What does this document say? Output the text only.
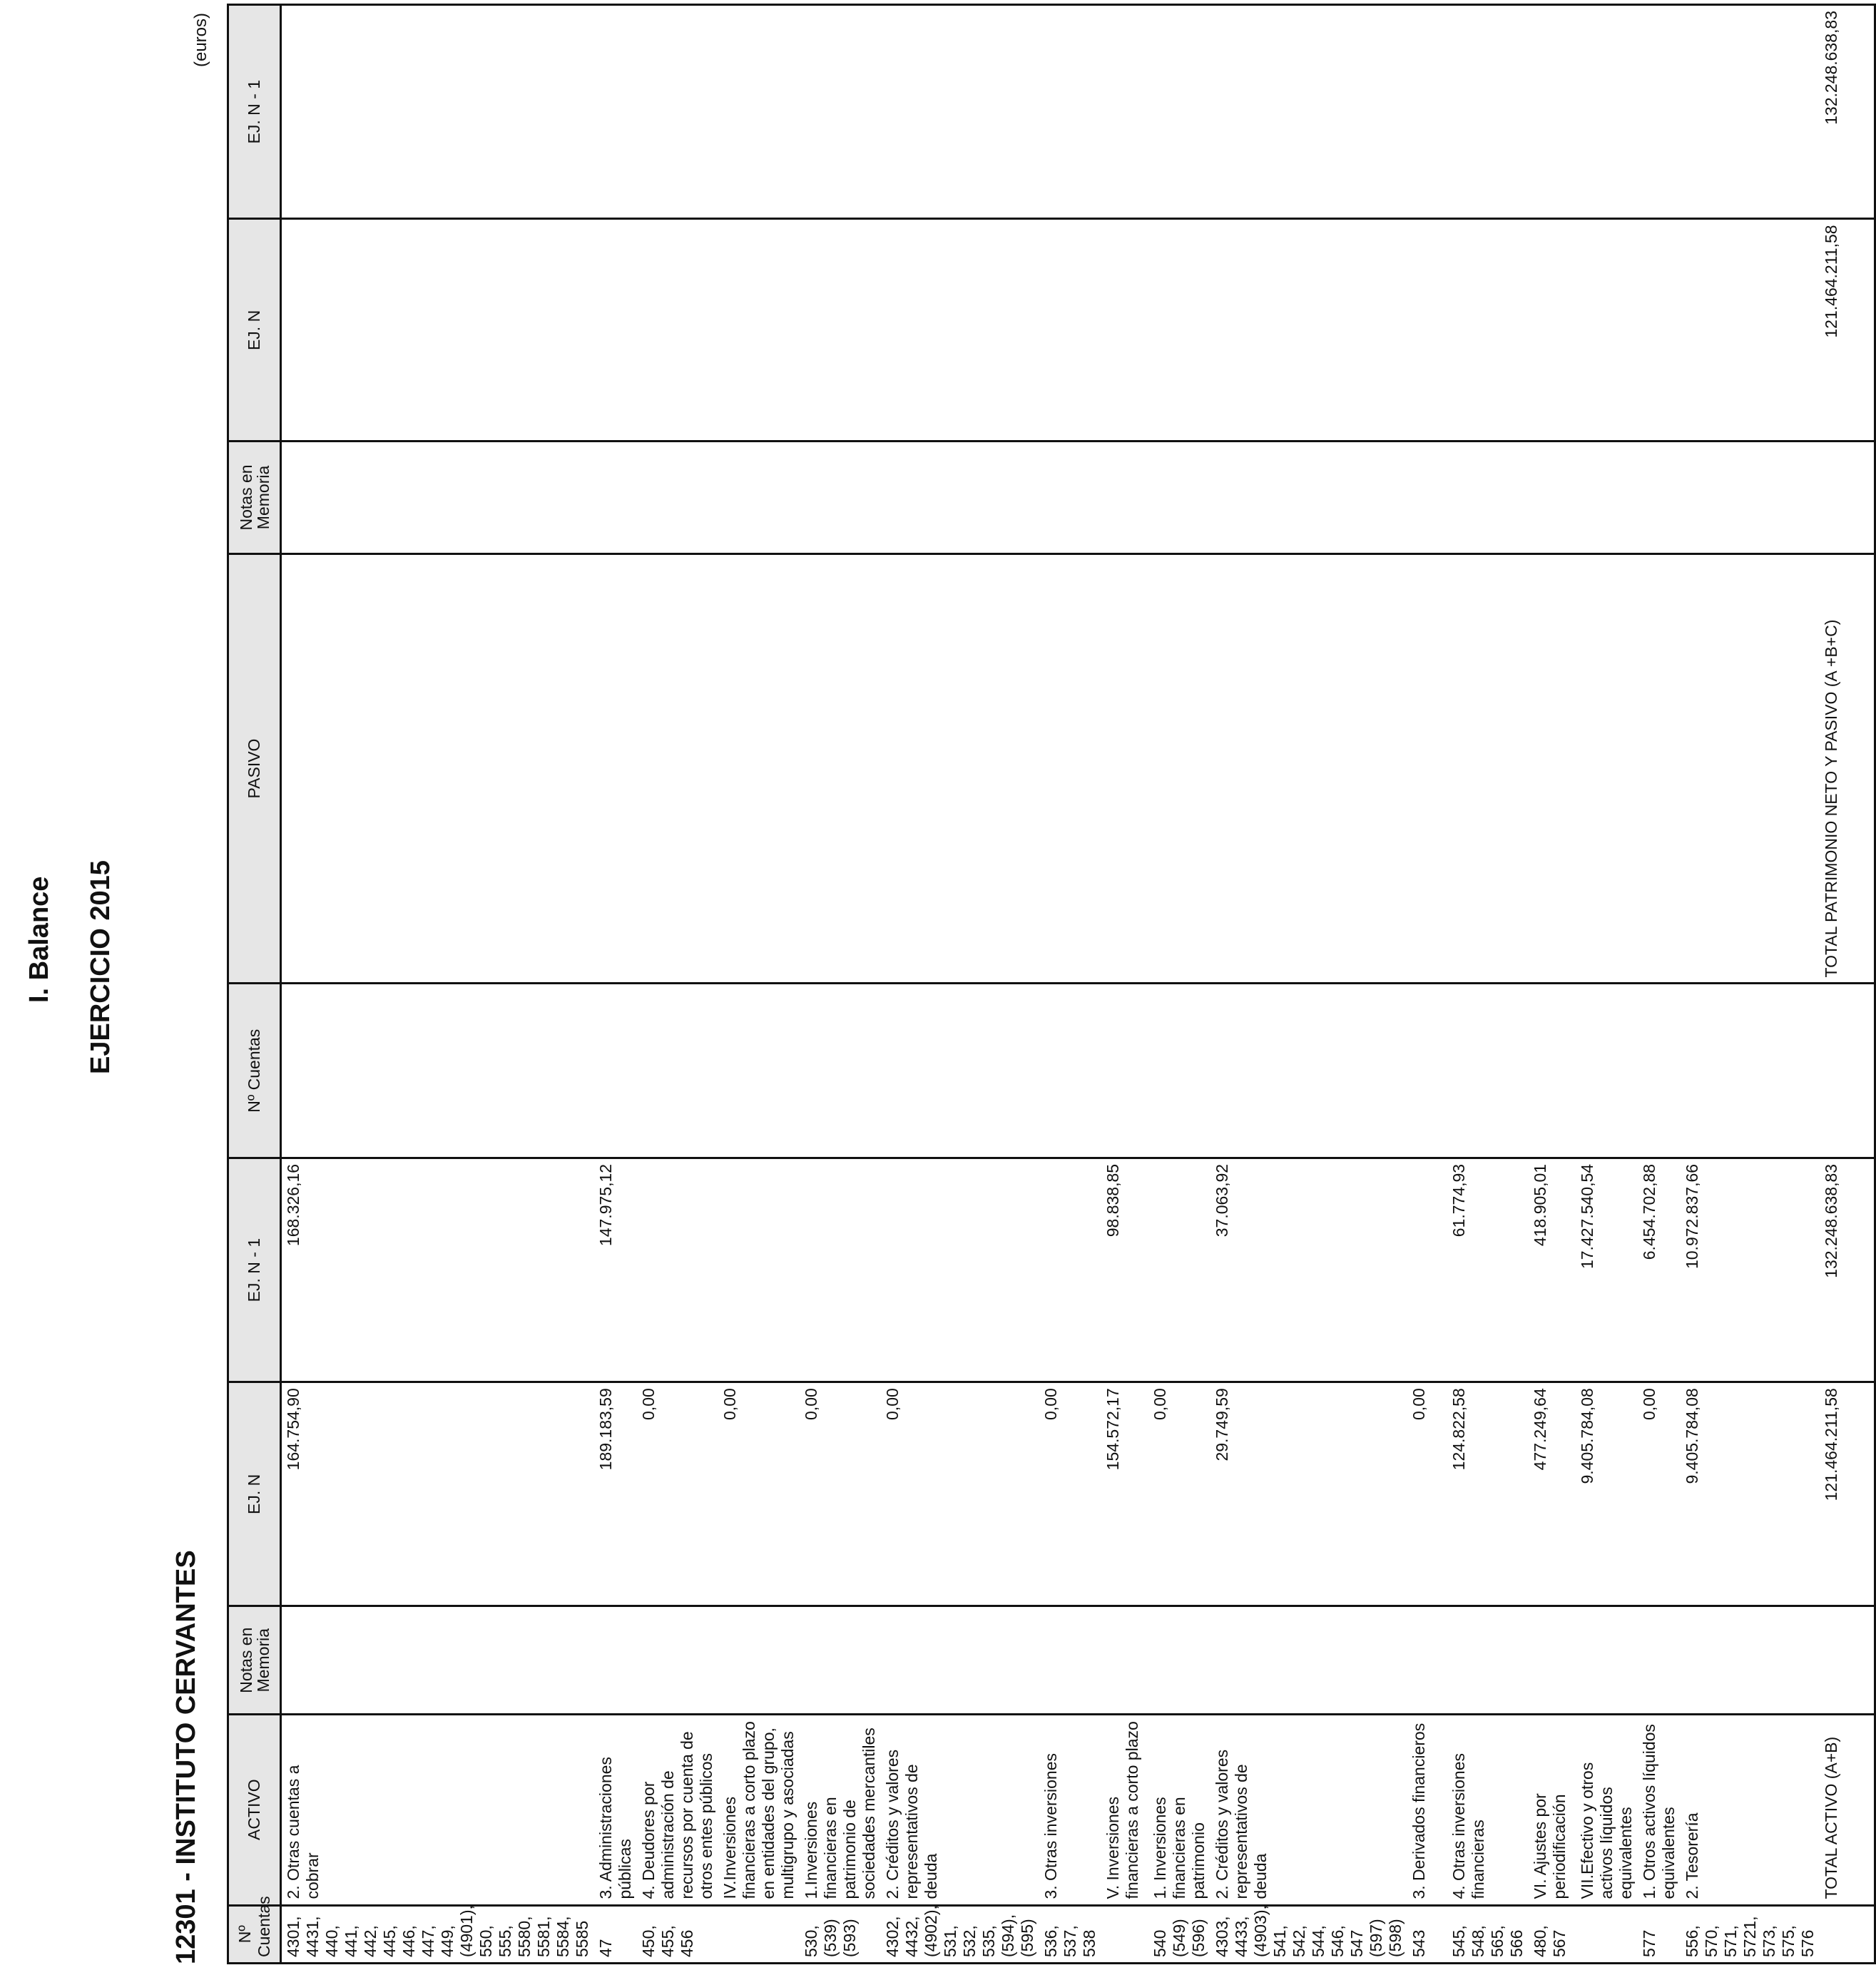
I. Balance EJERCICIO 2015
12301 - INSTITUTO CERVANTES
(euros)
Nº Cuentas	ACTIVO	Notas en Memoria	EJ. N	EJ. N - 1	Nº Cuentas	PASIVO	Notas en Memoria	EJ. N	EJ. N - 1
4301, 4431, 440, 441, 442, 445, 446, 447, 449, (4901), 550, 555, 5580, 5581, 5584, 5585	2. Otras cuentas a cobrar		164.754,90	168.326,16					
47	3. Administraciones públicas		189.183,59	147.975,12					
450, 455, 456	4. Deudores por administración de recursos por cuenta de otros entes públicos		0,00						
	IV.Inversiones financieras a corto plazo en entidades del grupo, multigrupo y asociadas		0,00						
530, (539) (593)	1.Inversiones financieras en patrimonio de sociedades mercantiles		0,00						
4302, 4432, (4902), 531, 532, 535, (594), (595)	2. Créditos y valores representativos de deuda		0,00						
536, 537, 538	3. Otras inversiones		0,00						
	V. Inversiones financieras a corto plazo		154.572,17	98.838,85					
540 (549) (596)	1. Inversiones financieras en patrimonio		0,00						
4303, 4433, (4903), 541, 542, 544, 546, 547 (597) (598)	2. Créditos y valores representativos de deuda		29.749,59	37.063,92					
543	3. Derivados financieros		0,00						
545, 548, 565, 566	4. Otras inversiones financieras		124.822,58	61.774,93					
480, 567	VI. Ajustes por periodificación		477.249,64	418.905,01					
	VII.Efectivo y otros activos líquidos equivalentes		9.405.784,08	17.427.540,54					
577	1. Otros activos líquidos equivalentes		0,00	6.454.702,88					
556, 570, 571, 5721, 573, 575, 576	2. Tesorería		9.405.784,08	10.972.837,66					
	TOTAL ACTIVO (A+B)		121.464.211,58	132.248.638,83		TOTAL PATRIMONIO NETO Y PASIVO (A +B+C)		121.464.211,58	132.248.638,83
